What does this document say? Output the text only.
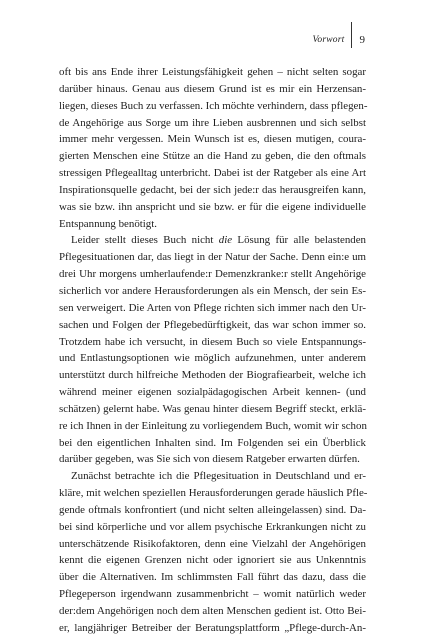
Vorwort	9

oft bis ans Ende ihrer Leistungsfähigkeit gehen – nicht selten sogar
darüber hinaus. Genau aus diesem Grund ist es mir ein Herzensan-
liegen, dieses Buch zu verfassen. Ich möchte verhindern, dass pflegen-
de Angehörige aus Sorge um ihre Lieben ausbrennen und sich selbst
immer mehr vergessen. Mein Wunsch ist es, diesen mutigen, coura-
gierten Menschen eine Stütze an die Hand zu geben, die den oftmals
stressigen Pflegealltag unterbricht. Dabei ist der Ratgeber als eine Art
Inspirationsquelle gedacht, bei der sich jede:r das herausgreifen kann,
was sie bzw. ihn anspricht und sie bzw. er für die eigene individuelle
Entspannung benötigt.

Leider stellt dieses Buch nicht die Lösung für alle belastenden
Pflegesituationen dar, das liegt in der Natur der Sache. Denn ein:e um
drei Uhr morgens umherlaufende:r Demenzkranke:r stellt Angehörige
sicherlich vor andere Herausforderungen als ein Mensch, der sein Es-
sen verweigert. Die Arten von Pflege richten sich immer nach den Ur-
sachen und Folgen der Pflegebedürftigkeit, das war schon immer so.
Trotzdem habe ich versucht, in diesem Buch so viele Entspannungs-
und Entlastungsoptionen wie möglich aufzunehmen, unter anderem
unterstützt durch hilfreiche Methoden der Biografiearbeit, welche ich
während meiner eigenen sozialpädagogischen Arbeit kennen- (und
schätzen) gelernt habe. Was genau hinter diesem Begriff steckt, erklä-
re ich Ihnen in der Einleitung zu vorliegendem Buch, womit wir schon
bei den eigentlichen Inhalten sind. Im Folgenden sei ein Überblick
darüber gegeben, was Sie sich von diesem Ratgeber erwarten dürfen.

Zunächst betrachte ich die Pflegesituation in Deutschland und er-
kläre, mit welchen speziellen Herausforderungen gerade häuslich Pfle-
gende oftmals konfrontiert (und nicht selten alleingelassen) sind. Da-
bei sind körperliche und vor allem psychische Erkrankungen nicht zu
unterschätzende Risikofaktoren, denn eine Vielzahl der Angehörigen
kennt die eigenen Grenzen nicht oder ignoriert sie aus Unkenntnis
über die Alternativen. Im schlimmsten Fall führt das dazu, dass die
Pflegeperson irgendwann zusammenbricht – womit natürlich weder
der:dem Angehörigen noch dem alten Menschen gedient ist. Otto Bei-
er, langjähriger Betreiber der Beratungsplattform „Pflege-durch-An-
